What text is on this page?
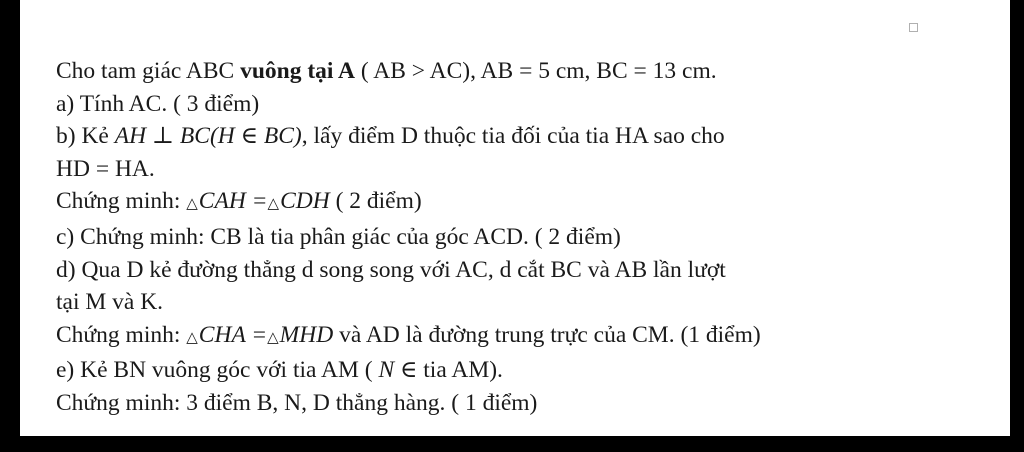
Cho tam giác ABC vuông tại A ( AB > AC), AB = 5 cm, BC = 13 cm.
a) Tính AC. ( 3 điểm)
b) Kẻ AH ⊥ BC(H ∈ BC), lấy điểm D thuộc tia đối của tia HA sao cho
HD = HA.
Chứng minh: △CAH =△CDH ( 2 điểm)
c) Chứng minh: CB là tia phân giác của góc ACD. ( 2 điểm)
d) Qua D kẻ đường thẳng d song song với AC, d cắt BC và AB lần lượt
tại M và K.
Chứng minh: △CHA =△MHD và AD là đường trung trực của CM. (1 điểm)
e) Kẻ BN vuông góc với tia AM ( N ∈ tia AM).
Chứng minh: 3 điểm B, N, D thẳng hàng. ( 1 điểm)
